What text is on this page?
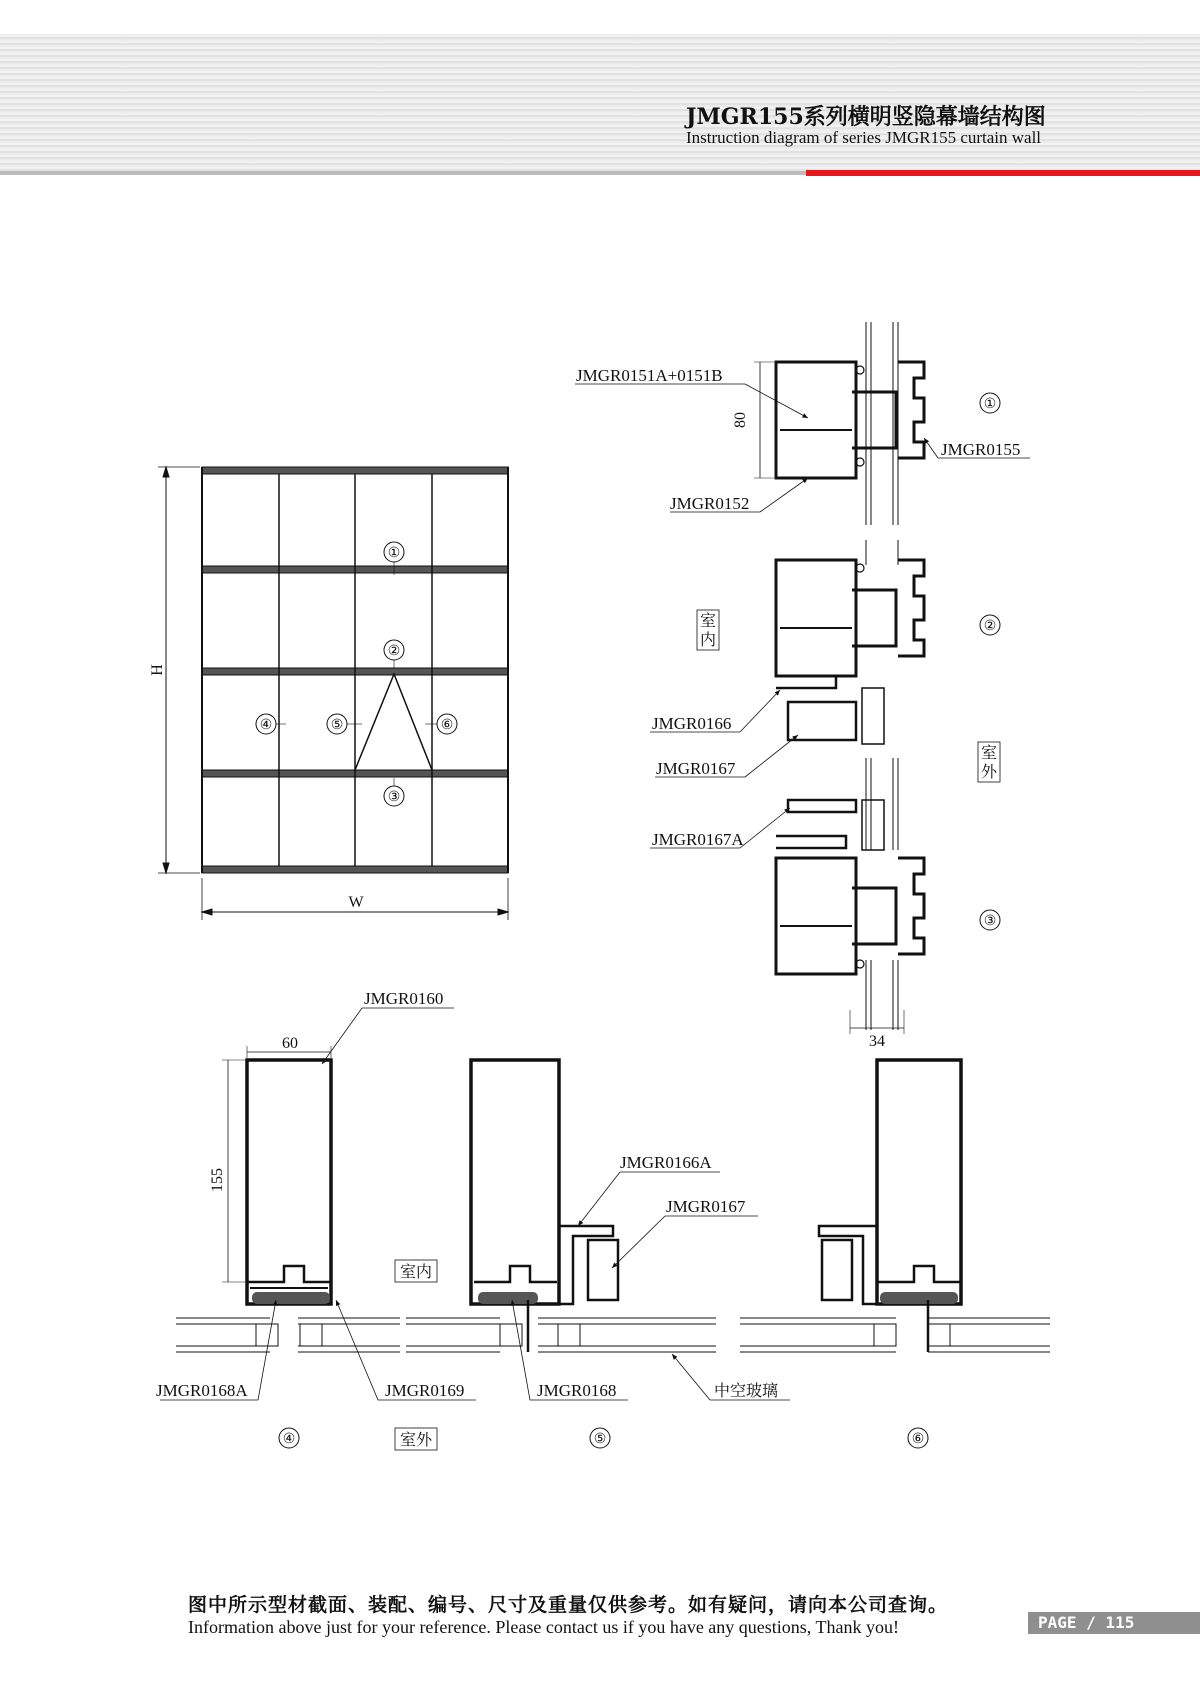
JMGR155系列横明竖隐幕墙结构图
Instruction diagram of series JMGR155 curtain wall
H
W
①
②
③
④	⑤	⑥
JMGR0151A+0151B
JMGR0152
JMGR0155
JMGR0166
JMGR0167
JMGR0167A
80
34
室
内
室
外
①
②
③
JMGR0160
JMGR0166A
JMGR0167
JMGR0168A	JMGR0169	JMGR0168	中空玻璃
60
155
室内
室外
④	⑤	⑥
图中所示型材截面、装配、编号、尺寸及重量仅供参考。如有疑问，请向本公司查询。
Information above just for your reference. Please contact us if you have any questions, Thank you!	PAGE / 115
